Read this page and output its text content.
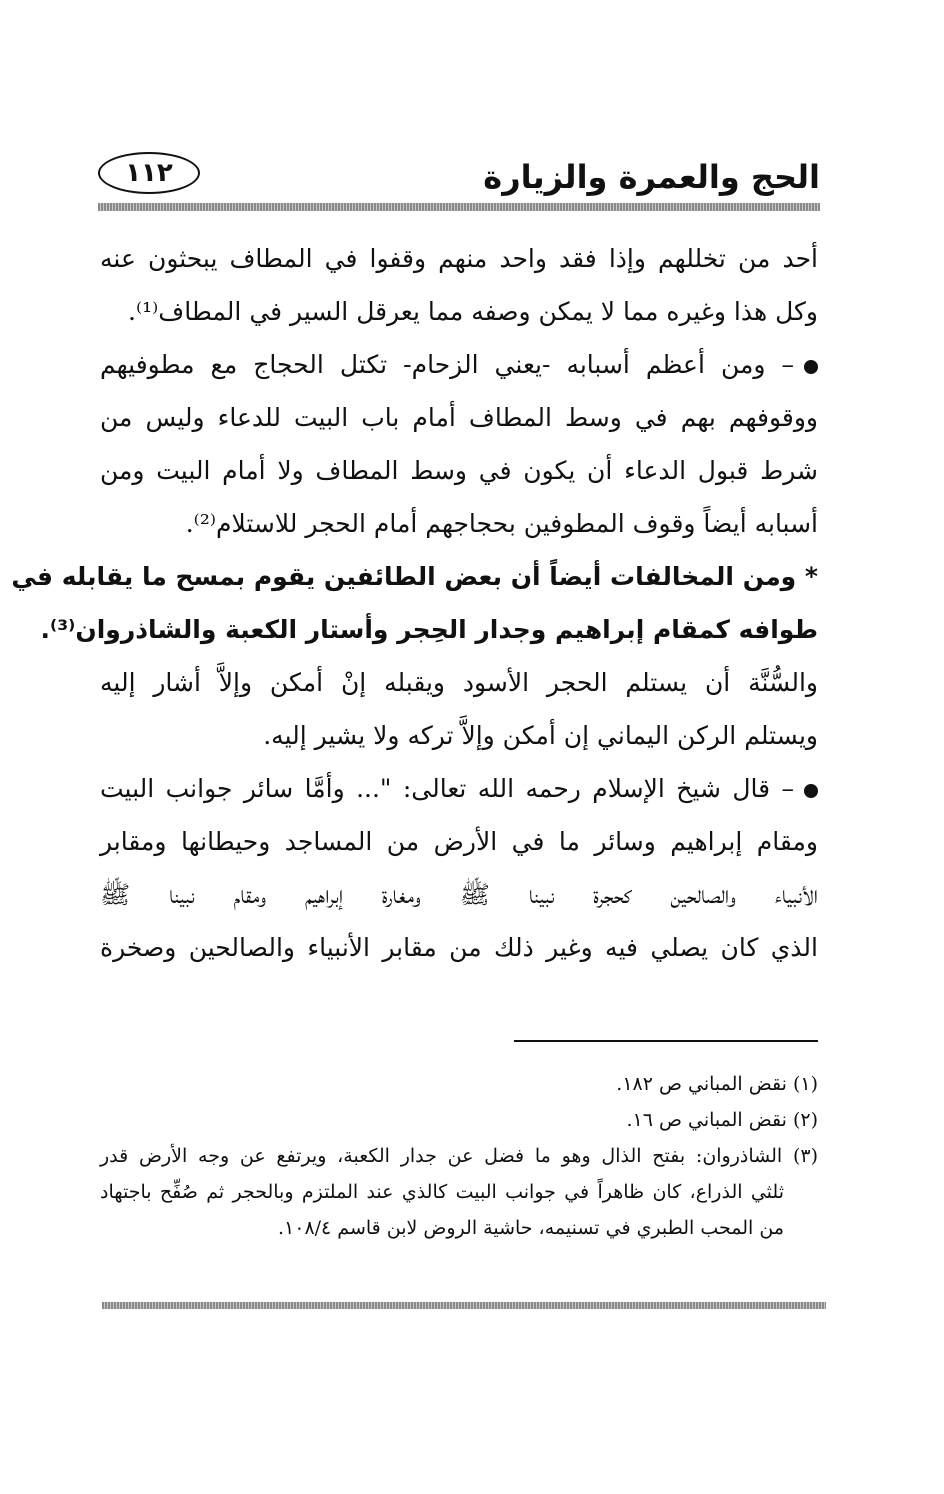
الحج والعمرة والزيارة
١١٢
أحد من تخللهم وإذا فقد واحد منهم وقفوا في المطاف يبحثون عنه
وكل هذا وغيره مما لا يمكن وصفه مما يعرقل السير في المطاف⁽¹⁾.
– ومن أعظم أسبابه -يعني الزحام- تكتل الحجاج مع مطوفيهم
ووقوفهم بهم في وسط المطاف أمام باب البيت للدعاء وليس من
شرط قبول الدعاء أن يكون في وسط المطاف ولا أمام البيت ومن
أسبابه أيضاً وقوف المطوفين بحجاجهم أمام الحجر للاستلام⁽²⁾.
* ومن المخالفات أيضاً أن بعض الطائفين يقوم بمسح ما يقابله في
طوافه كمقام إبراهيم وجدار الحِجر وأستار الكعبة والشاذروان⁽³⁾.
والسُّنَّة أن يستلم الحجر الأسود ويقبله إنْ أمكن وإلاَّ أشار إليه
ويستلم الركن اليماني إن أمكن وإلاَّ تركه ولا يشير إليه.
– قال شيخ الإسلام رحمه الله تعالى: "... وأمَّا سائر جوانب البيت
ومقام إبراهيم وسائر ما في الأرض من المساجد وحيطانها ومقابر
الأنبياء والصالحين كحجرة نبينا ﷺ ومغارة إبراهيم ومقام نبينا ﷺ
الذي كان يصلي فيه وغير ذلك من مقابر الأنبياء والصالحين وصخرة
(١) نقض المباني ص ١٨٢.
(٢) نقض المباني ص ١٦.
(٣) الشاذروان: بفتح الذال وهو ما فضل عن جدار الكعبة، ويرتفع عن وجه الأرض قدر
ثلثي الذراع، كان ظاهراً في جوانب البيت كالذي عند الملتزم وبالحجر ثم صُفِّح باجتهاد
من المحب الطبري في تسنيمه، حاشية الروض لابن قاسم ١٠٨/٤.
